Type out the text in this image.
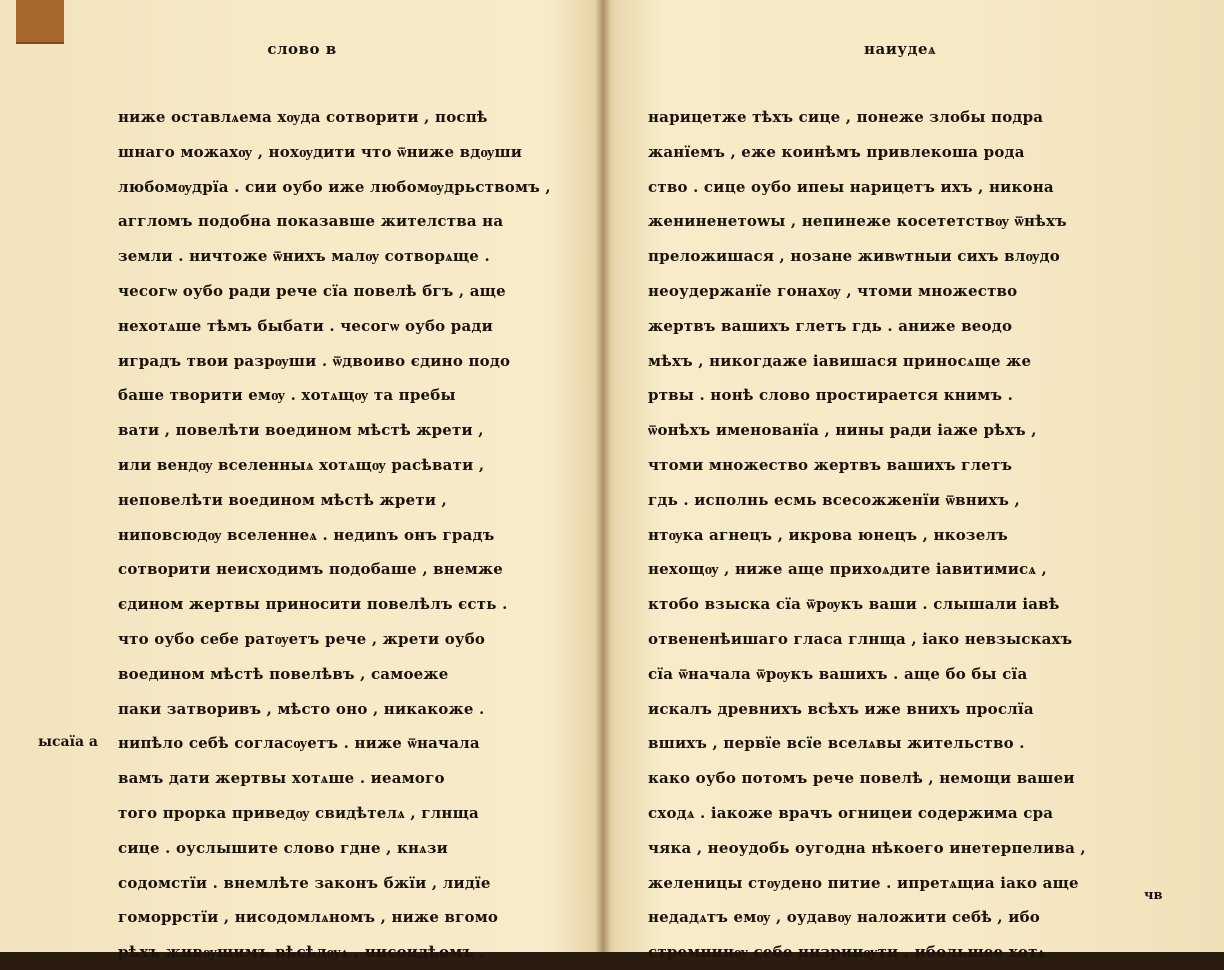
слово в
ниже оставлѧема хѹда сотворити , поспѣ
шнаго можахѹ , нохѹдити что ѿниже вдѹши
любомѹдрїа . сии оубо иже любомѹдрьствомъ ,
аггломъ подобна показавше жителства на
земли . ничтоже ѿнихъ малѹ сотворѧще .
чесогѡ оубо ради рече сїа повелѣ бгъ , аще
нехотѧше тѣмъ быбати . чесогѡ оубо ради
иградъ твои разрѹши . ѿдвоиво єдино подо
баше творити емѹ . хотѧщѹ та пребы
вати , повелѣти воедином мѣстѣ жрети ,
или вендѹ вселенныѧ хотѧщѹ расѣвати ,
неповелѣти воедином мѣстѣ жрети ,
ниповсюдѹ вселеннеѧ . недиnъ онъ градъ
сотворити неисходимъ подобаше , внемже
єдином жертвы приносити повелѣлъ єсть .
что оубо себе ратѹетъ рече , жрети оубо
воедином мѣстѣ повелѣвъ , самоеже
паки затворивъ , мѣсто оно , никакоже .
нипѣло себѣ согласѹетъ . ниже ѿначала
вамъ дати жертвы хотѧше . иеамого
того прорка приведѹ свидѣтелѧ , глнща
сице . оуслышите слово гдне , кнѧзи
содомстїи . внемлѣте законъ бжїи , лидїе
гоморрстїи , нисодомлѧномъ , ниже вгомо
рѣхъ живѹщимъ вѣсѣдѹѧ , нисоидѣомъ .
ысаїа а
наиудеѧ
нарицетже тѣхъ сице , понеже злобы подра
жанїемъ , еже коинѣмъ привлекоша рода
ство . сице оубо ипеы нарицетъ ихъ , никона
жениненетоwы , непинеже косететствѹ ѿнѣхъ
преложишася , нозане живѡтныи сихъ влѹдо
неоудержанїе гонахѹ , чтоми множество
жертвъ вашихъ глетъ гдь . аниже веодо
мѣхъ , никогдаже iавишася приносѧще же
ртвы . нонѣ слово простирается книмъ .
ѿонѣхъ именованїа , нины ради iаже рѣхъ ,
чтоми множество жертвъ вашихъ глетъ
гдь . исполнь есмь всесожженїи ѿвнихъ ,
нтѹка агнецъ , икрова юнецъ , нкозелъ
нехощѹ , ниже аще прихоѧдите iавитимисѧ ,
ктобо взыска сїа ѿрѹкъ ваши . слышали iавѣ
отвененѣишаго глаcа глнща , iако невзыскахъ
сїа ѿначала ѿрѹкъ вашихъ . аще бо бы сїа
искалъ древнихъ всѣхъ иже внихъ прослїа
вшихъ , первїе всїе вселѧвы жительство .
како оубо потомъ рече повелѣ , немощи вашеи
сходѧ . iакоже врачъ огницеи содержима сра
чяка , неоудобь оугодна нѣкоего инетерпелива ,
желеницы стѹдено питие . ипретѧщиа iако аще
недадѧтъ емѹ , оудавѹ наложити себѣ , ибо
стремнинѹ себе низринѹти . ибольшее хотѧ
чв
